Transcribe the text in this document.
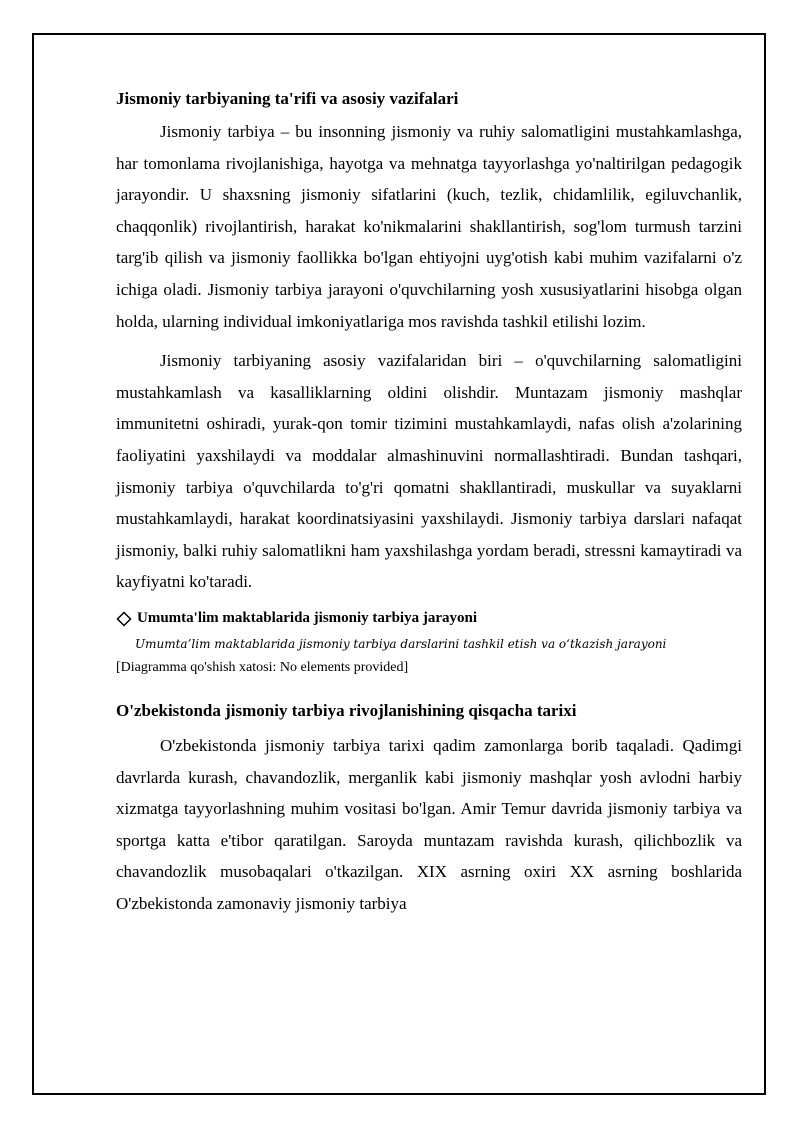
Jismoniy tarbiyaning ta'rifi va asosiy vazifalari

Jismoniy tarbiya – bu insonning jismoniy va ruhiy salomatligini mustahkamlashga, har tomonlama rivojlanishiga, hayotga va mehnatga tayyorlashga yo'naltirilgan pedagogik jarayondir. U shaxsning jismoniy sifatlarini (kuch, tezlik, chidamlilik, egiluvchanlik, chaqqonlik) rivojlantirish, harakat ko'nikmalarini shakllantirish, sog'lom turmush tarzini targ'ib qilish va jismoniy faollikka bo'lgan ehtiyojni uyg'otish kabi muhim vazifalarni o'z ichiga oladi. Jismoniy tarbiya jarayoni o'quvchilarning yosh xususiyatlarini hisobga olgan holda, ularning individual imkoniyatlariga mos ravishda tashkil etilishi lozim.

Jismoniy tarbiyaning asosiy vazifalaridan biri – o'quvchilarning salomatligini mustahkamlash va kasalliklarning oldini olishdir. Muntazam jismoniy mashqlar immunitetni oshiradi, yurak-qon tomir tizimini mustahkamlaydi, nafas olish a'zolarining faoliyatini yaxshilaydi va moddalar almashinuvini normallashtiradi. Bundan tashqari, jismoniy tarbiya o'quvchilarda to'g'ri qomatni shakllantiradi, muskullar va suyaklarni mustahkamlaydi, harakat koordinatsiyasini yaxshilaydi. Jismoniy tarbiya darslari nafaqat jismoniy, balki ruhiy salomatlikni ham yaxshilashga yordam beradi, stressni kamaytiradi va kayfiyatni ko'taradi.

Umumta'lim maktablarida jismoniy tarbiya jarayoni
Umumta’lim maktablarida jismoniy tarbiya darslarini tashkil etish va o‘tkazish jarayoni
[Diagramma qo'shish xatosi: No elements provided]
O'zbekistonda jismoniy tarbiya rivojlanishining qisqacha tarixi

O'zbekistonda jismoniy tarbiya tarixi qadim zamonlarga borib taqaladi. Qadimgi davrlarda kurash, chavandozlik, merganlik kabi jismoniy mashqlar yosh avlodni harbiy xizmatga tayyorlashning muhim vositasi bo'lgan. Amir Temur davrida jismoniy tarbiya va sportga katta e'tibor qaratilgan. Saroyda muntazam ravishda kurash, qilichbozlik va chavandozlik musobaqalari o'tkazilgan. XIX asrning oxiri XX asrning boshlarida O'zbekistonda zamonaviy jismoniy tarbiya
